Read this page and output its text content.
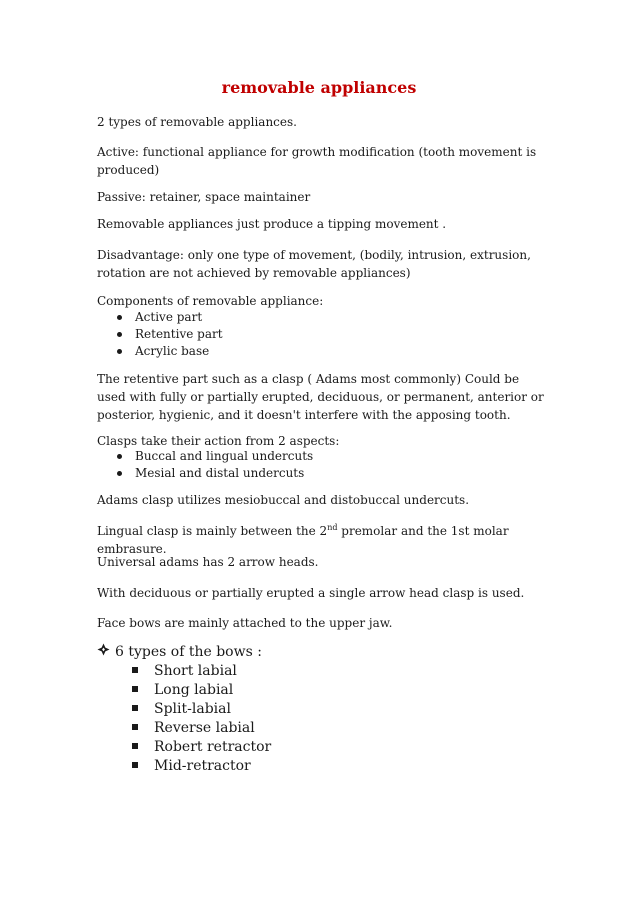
removable appliances

2 types of removable appliances.

Active: functional appliance for growth modification (tooth movement is produced)

Passive: retainer, space maintainer

Removable appliances just produce a tipping movement .

Disadvantage: only one type of movement, (bodily, intrusion, extrusion, rotation are not achieved by removable appliances)

Components of removable appliance:

Active part
Retentive part
Acrylic base

The retentive part such as a clasp ( Adams most commonly) Could be used with fully or partially erupted, deciduous, or permanent, anterior or posterior, hygienic, and it doesn't interfere with the apposing tooth.

Clasps take their action from 2 aspects:

Buccal and lingual undercuts
Mesial and distal undercuts

Adams clasp utilizes mesiobuccal and distobuccal undercuts.

Lingual clasp is mainly between the 2nd premolar and the 1st molar embrasure.

Universal adams has 2 arrow heads.

With deciduous or partially erupted a single arrow head clasp is used.

Face bows are mainly attached to the upper jaw.

6 types of the bows :
Short labial
Long labial
Split-labial
Reverse labial
Robert retractor
Mid-retractor
